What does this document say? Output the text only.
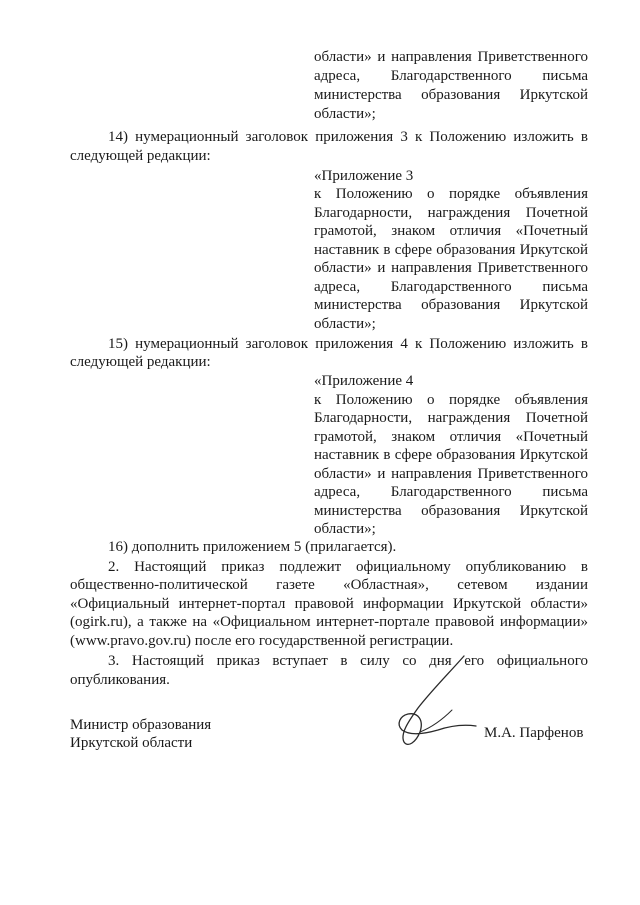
области» и направления Приветственного
адреса, Благодарственного письма
министерства образования Иркутской
области»;
14) нумерационный заголовок приложения 3 к Положению изложить в
следующей редакции:
«Приложение 3
к Положению о порядке объявления
Благодарности, награждения Почетной
грамотой, знаком отличия «Почетный
наставник в сфере образования Иркутской
области» и направления Приветственного
адреса, Благодарственного письма
министерства образования Иркутской
области»;
15) нумерационный заголовок приложения 4 к Положению изложить в
следующей редакции:
«Приложение 4
к Положению о порядке объявления
Благодарности, награждения Почетной
грамотой, знаком отличия «Почетный
наставник в сфере образования Иркутской
области» и направления Приветственного
адреса, Благодарственного письма
министерства образования Иркутской
области»;
16) дополнить приложением 5 (прилагается).
2. Настоящий приказ подлежит официальному опубликованию в
общественно-политической газете «Областная», сетевом издании
«Официальный интернет-портал правовой информации Иркутской области»
(ogirk.ru), а также на «Официальном интернет-портале правовой информации»
(www.pravo.gov.ru) после его государственной регистрации.
3. Настоящий приказ вступает в силу со дня его официального
опубликования.
Министр образования
Иркутской области
М.А. Парфенов
